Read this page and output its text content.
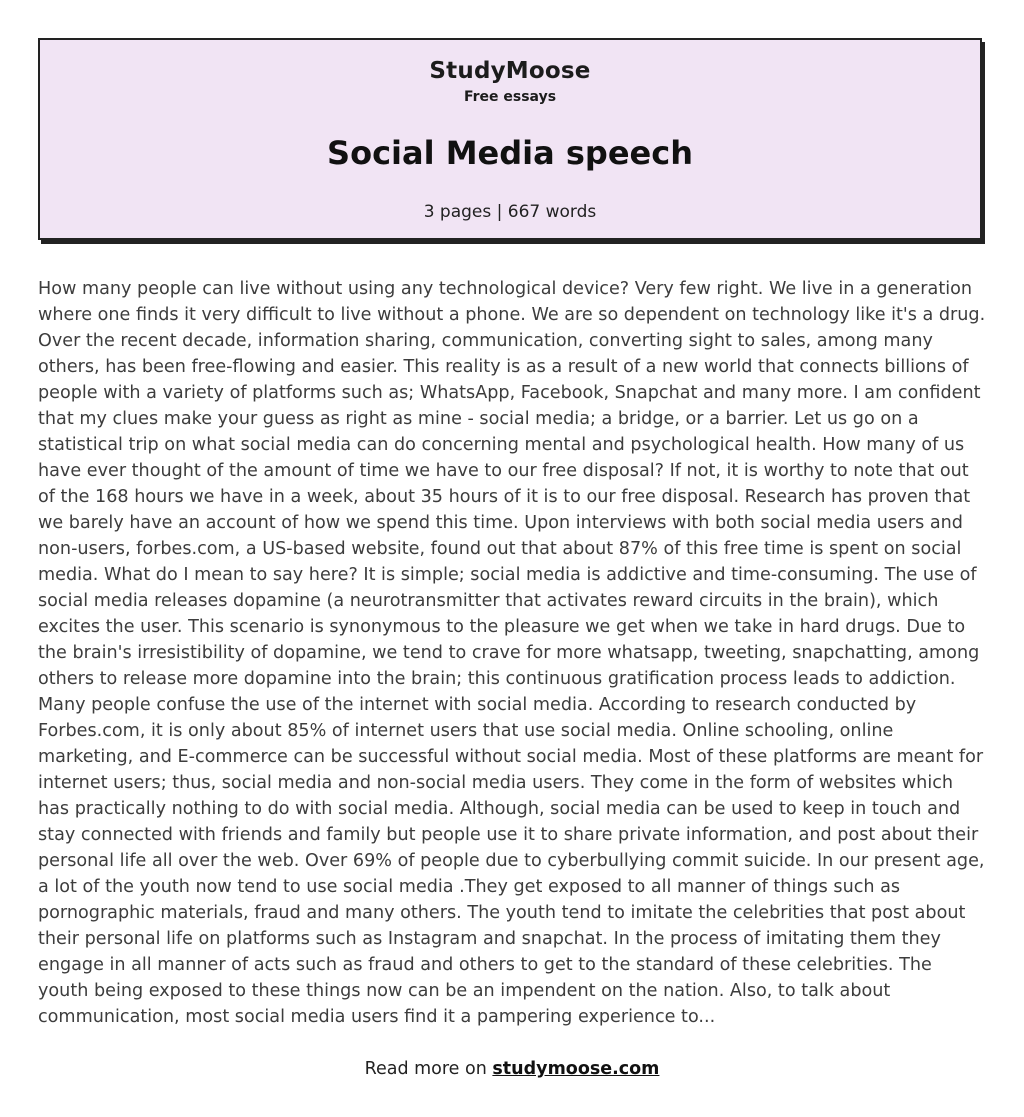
StudyMoose
Free essays
Social Media speech
3 pages | 667 words

How many people can live without using any technological device? Very few right. We live in a generation where one finds it very difficult to live without a phone. We are so dependent on technology like it's a drug. Over the recent decade, information sharing, communication, converting sight to sales, among many others, has been free-flowing and easier. This reality is as a result of a new world that connects billions of people with a variety of platforms such as; WhatsApp, Facebook, Snapchat and many more. I am confident that my clues make your guess as right as mine - social media; a bridge, or a barrier. Let us go on a statistical trip on what social media can do concerning mental and psychological health. How many of us have ever thought of the amount of time we have to our free disposal? If not, it is worthy to note that out of the 168 hours we have in a week, about 35 hours of it is to our free disposal. Research has proven that we barely have an account of how we spend this time. Upon interviews with both social media users and non-users, forbes.com, a US-based website, found out that about 87% of this free time is spent on social media. What do I mean to say here? It is simple; social media is addictive and time-consuming. The use of social media releases dopamine (a neurotransmitter that activates reward circuits in the brain), which excites the user. This scenario is synonymous to the pleasure we get when we take in hard drugs. Due to the brain's irresistibility of dopamine, we tend to crave for more whatsapp, tweeting, snapchatting, among others to release more dopamine into the brain; this continuous gratification process leads to addiction. Many people confuse the use of the internet with social media. According to research conducted by Forbes.com, it is only about 85% of internet users that use social media. Online schooling, online marketing, and E-commerce can be successful without social media. Most of these platforms are meant for internet users; thus, social media and non-social media users. They come in the form of websites which has practically nothing to do with social media. Although, social media can be used to keep in touch and stay connected with friends and family but people use it to share private information, and post about their personal life all over the web. Over 69% of people due to cyberbullying commit suicide. In our present age, a lot of the youth now tend to use social media .They get exposed to all manner of things such as pornographic materials, fraud and many others. The youth tend to imitate the celebrities that post about their personal life on platforms such as Instagram and snapchat. In the process of imitating them they engage in all manner of acts such as fraud and others to get to the standard of these celebrities. The youth being exposed to these things now can be an impendent on the nation. Also, to talk about communication, most social media users find it a pampering experience to...

Read more on studymoose.com
